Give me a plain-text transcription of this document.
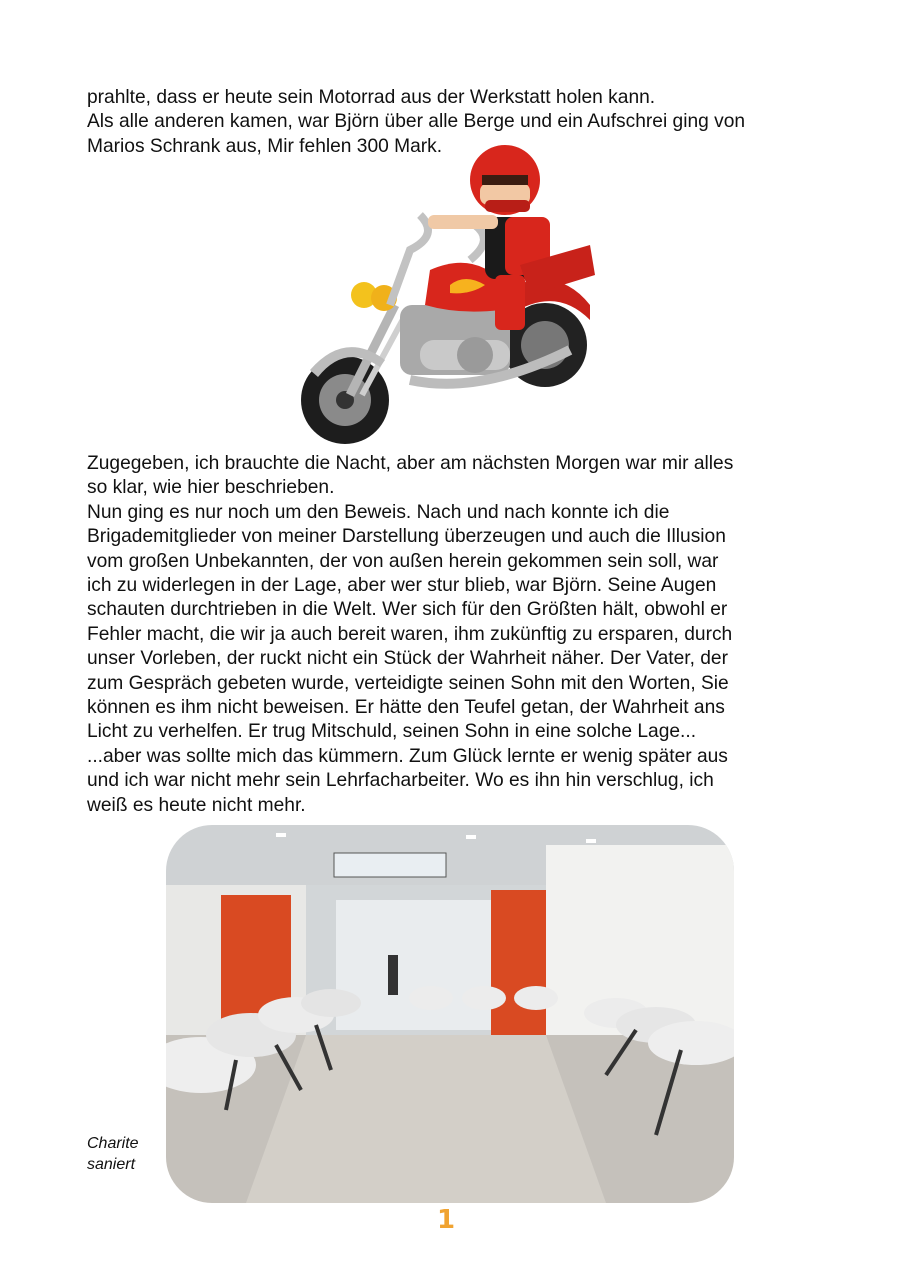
prahlte, dass er heute sein Motorrad aus der Werkstatt holen kann.

Als alle anderen kamen, war Björn über alle Berge und ein Aufschrei ging von

Marios Schrank aus, Mir fehlen 300 Mark.

Zugegeben, ich brauchte die Nacht, aber am nächsten Morgen war mir alles

so klar, wie hier beschrieben.

Nun ging es nur noch um den Beweis. Nach und nach konnte ich die

Brigademitglieder von meiner Darstellung überzeugen und auch die Illusion

vom großen Unbekannten, der von außen herein gekommen sein soll, war

ich zu widerlegen in der Lage, aber wer stur blieb, war Björn. Seine Augen

schauten durchtrieben in die Welt. Wer sich für den Größten hält, obwohl er

Fehler macht, die wir ja auch bereit waren, ihm zukünftig zu ersparen, durch

unser Vorleben, der ruckt nicht ein Stück der Wahrheit näher. Der Vater, der

zum Gespräch gebeten wurde, verteidigte seinen Sohn mit den Worten, Sie

können es ihm nicht beweisen. Er hätte den Teufel getan, der Wahrheit ans

Licht zu verhelfen. Er trug Mitschuld, seinen Sohn in eine solche Lage...

...aber was sollte mich das kümmern. Zum Glück lernte er wenig später aus

und ich war nicht mehr sein Lehrfacharbeiter. Wo es ihn hin verschlug, ich

weiß es heute nicht mehr.

Charite
saniert
1
